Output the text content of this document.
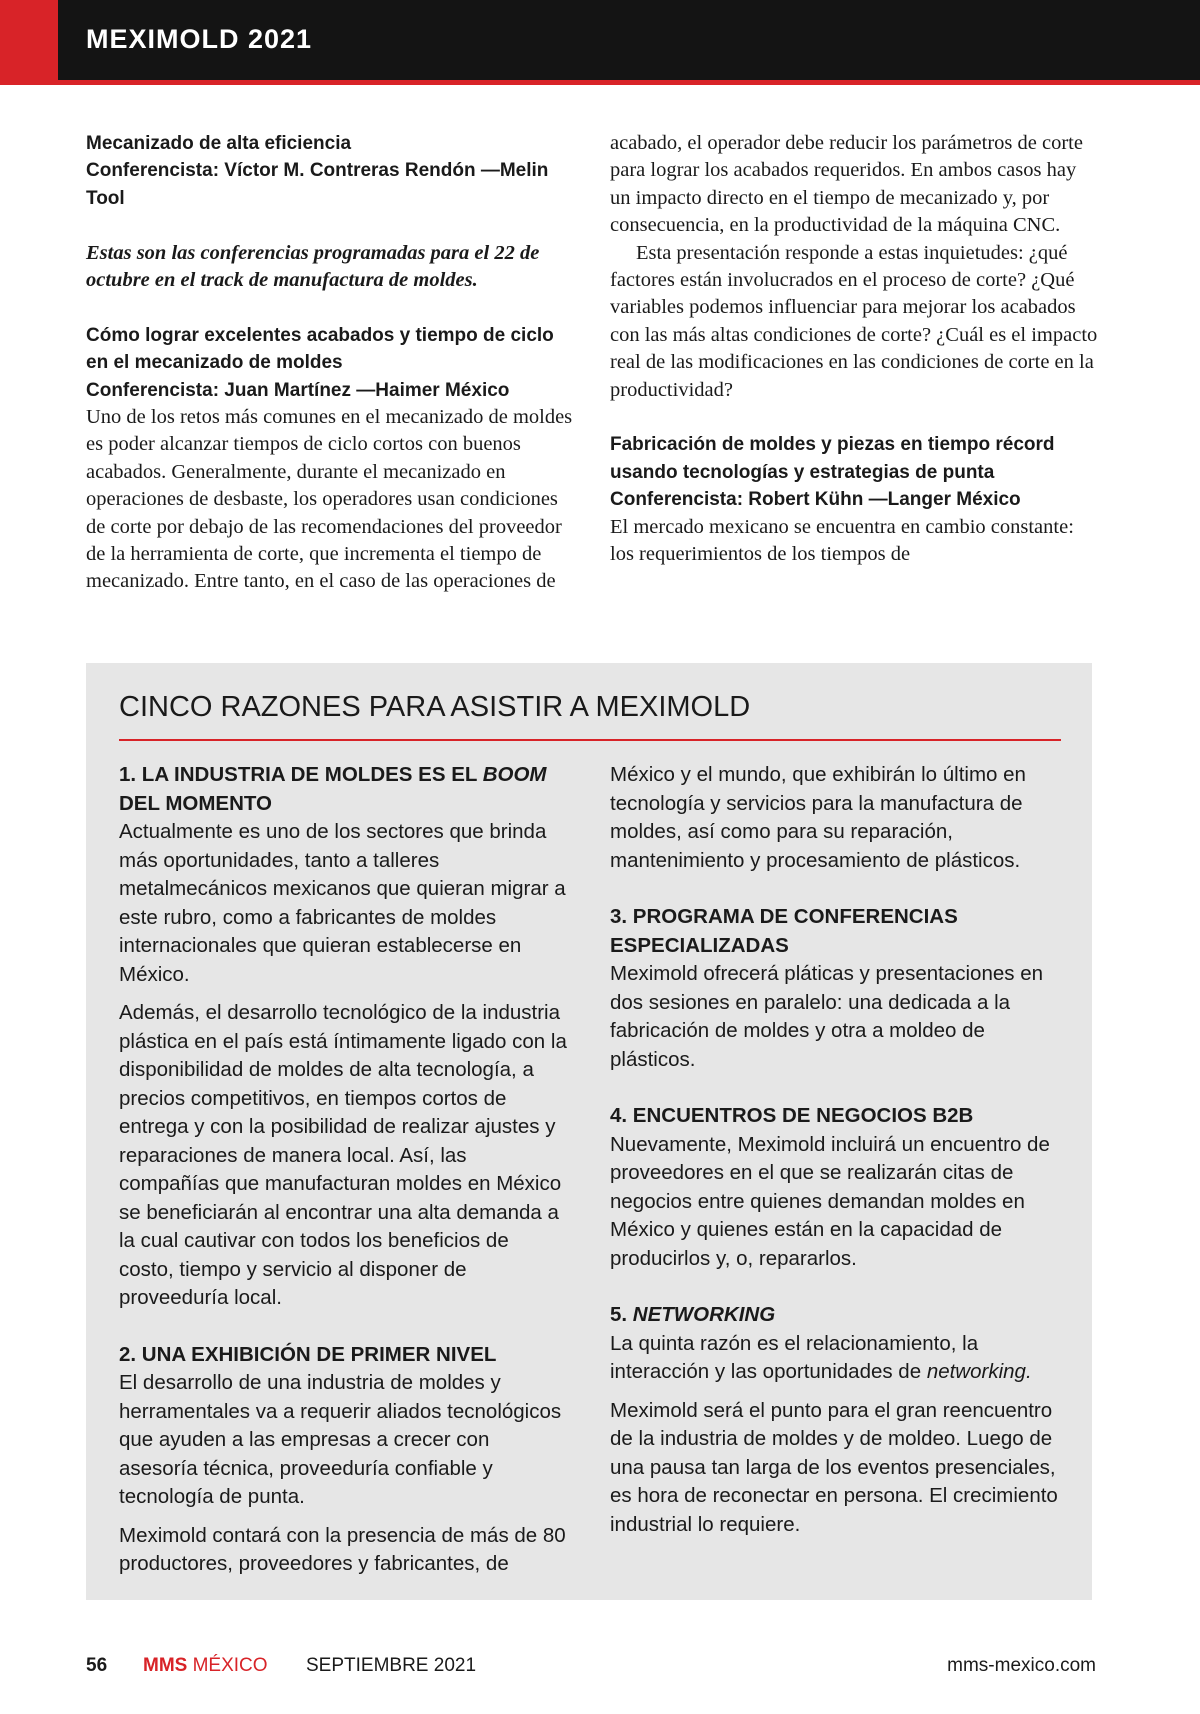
MEXIMOLD 2021

Mecanizado de alta eficiencia

Conferencista: Víctor M. Contreras Rendón —Melin Tool

Estas son las conferencias programadas para el 22 de octubre en el track de manufactura de moldes.

Cómo lograr excelentes acabados y tiempo de ciclo en el mecanizado de moldes

Conferencista: Juan Martínez —Haimer México

Uno de los retos más comunes en el mecanizado de moldes es poder alcanzar tiempos de ciclo cortos con buenos acabados. Generalmente, durante el mecanizado en operaciones de desbaste, los operadores usan condiciones de corte por debajo de las recomendaciones del proveedor de la herramienta de corte, que incrementa el tiempo de mecanizado. Entre tanto, en el caso de las operaciones de

acabado, el operador debe reducir los parámetros de corte para lograr los acabados requeridos. En ambos casos hay un impacto directo en el tiempo de mecanizado y, por consecuencia, en la productividad de la máquina CNC.

Esta presentación responde a estas inquietudes: ¿qué factores están involucrados en el proceso de corte? ¿Qué variables podemos influenciar para mejorar los acabados con las más altas condiciones de corte? ¿Cuál es el impacto real de las modificaciones en las condiciones de corte en la productividad?

Fabricación de moldes y piezas en tiempo récord usando tecnologías y estrategias de punta

Conferencista: Robert Kühn —Langer México

El mercado mexicano se encuentra en cambio constante: los requerimientos de los tiempos de

CINCO RAZONES PARA ASISTIR A MEXIMOLD

1. LA INDUSTRIA DE MOLDES ES EL BOOM DEL MOMENTO

Actualmente es uno de los sectores que brinda más oportunidades, tanto a talleres metalmecánicos mexicanos que quieran migrar a este rubro, como a fabricantes de moldes internacionales que quieran establecerse en México.

Además, el desarrollo tecnológico de la industria plástica en el país está íntimamente ligado con la disponibilidad de moldes de alta tecnología, a precios competitivos, en tiempos cortos de entrega y con la posibilidad de realizar ajustes y reparaciones de manera local. Así, las compañías que manufacturan moldes en México se beneficiarán al encontrar una alta demanda a la cual cautivar con todos los beneficios de costo, tiempo y servicio al disponer de proveeduría local.

2. UNA EXHIBICIÓN DE PRIMER NIVEL

El desarrollo de una industria de moldes y herramentales va a requerir aliados tecnológicos que ayuden a las empresas a crecer con asesoría técnica, proveeduría confiable y tecnología de punta.

Meximold contará con la presencia de más de 80 productores, proveedores y fabricantes, de

México y el mundo, que exhibirán lo último en tecnología y servicios para la manufactura de moldes, así como para su reparación, mantenimiento y procesamiento de plásticos.

3. PROGRAMA DE CONFERENCIAS ESPECIALIZADAS

Meximold ofrecerá pláticas y presentaciones en dos sesiones en paralelo: una dedicada a la fabricación de moldes y otra a moldeo de plásticos.

4. ENCUENTROS DE NEGOCIOS B2B

Nuevamente, Meximold incluirá un encuentro de proveedores en el que se realizarán citas de negocios entre quienes demandan moldes en México y quienes están en la capacidad de producirlos y, o, repararlos.

5. NETWORKING

La quinta razón es el relacionamiento, la interacción y las oportunidades de networking.

Meximold será el punto para el gran reencuentro de la industria de moldes y de moldeo. Luego de una pausa tan larga de los eventos presenciales, es hora de reconectar en persona. El crecimiento industrial lo requiere.

56 MMS MÉXICO SEPTIEMBRE 2021	mms-mexico.com
